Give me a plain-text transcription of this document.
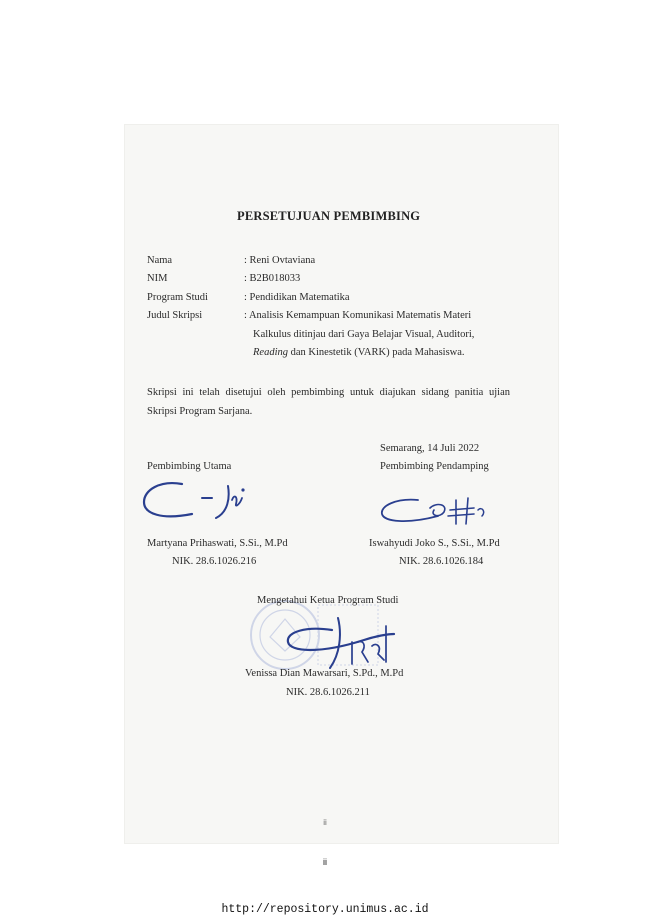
PERSETUJUAN PEMBIMBING
Nama	: Reni Ovtaviana
NIM	: B2B018033
Program Studi	: Pendidikan Matematika
Judul Skripsi	: Analisis Kemampuan Komunikasi Matematis Materi
Kalkulus ditinjau dari Gaya Belajar Visual, Auditori,
Reading dan Kinestetik (VARK) pada Mahasiswa.
Skripsi ini telah disetujui oleh pembimbing untuk diajukan sidang panitia ujian
Skripsi Program Sarjana.
Semarang, 14 Juli 2022
Pembimbing Utama	Pembimbing Pendamping
Martyana Prihaswati, S.Si., M.Pd	Iswahyudi Joko S., S.Si., M.Pd
NIK. 28.6.1026.216	NIK. 28.6.1026.184
Mengetahui Ketua Program Studi
Venissa Dian Mawarsari, S.Pd., M.Pd
NIK. 28.6.1026.211
ii
ii
http://repository.unimus.ac.id
